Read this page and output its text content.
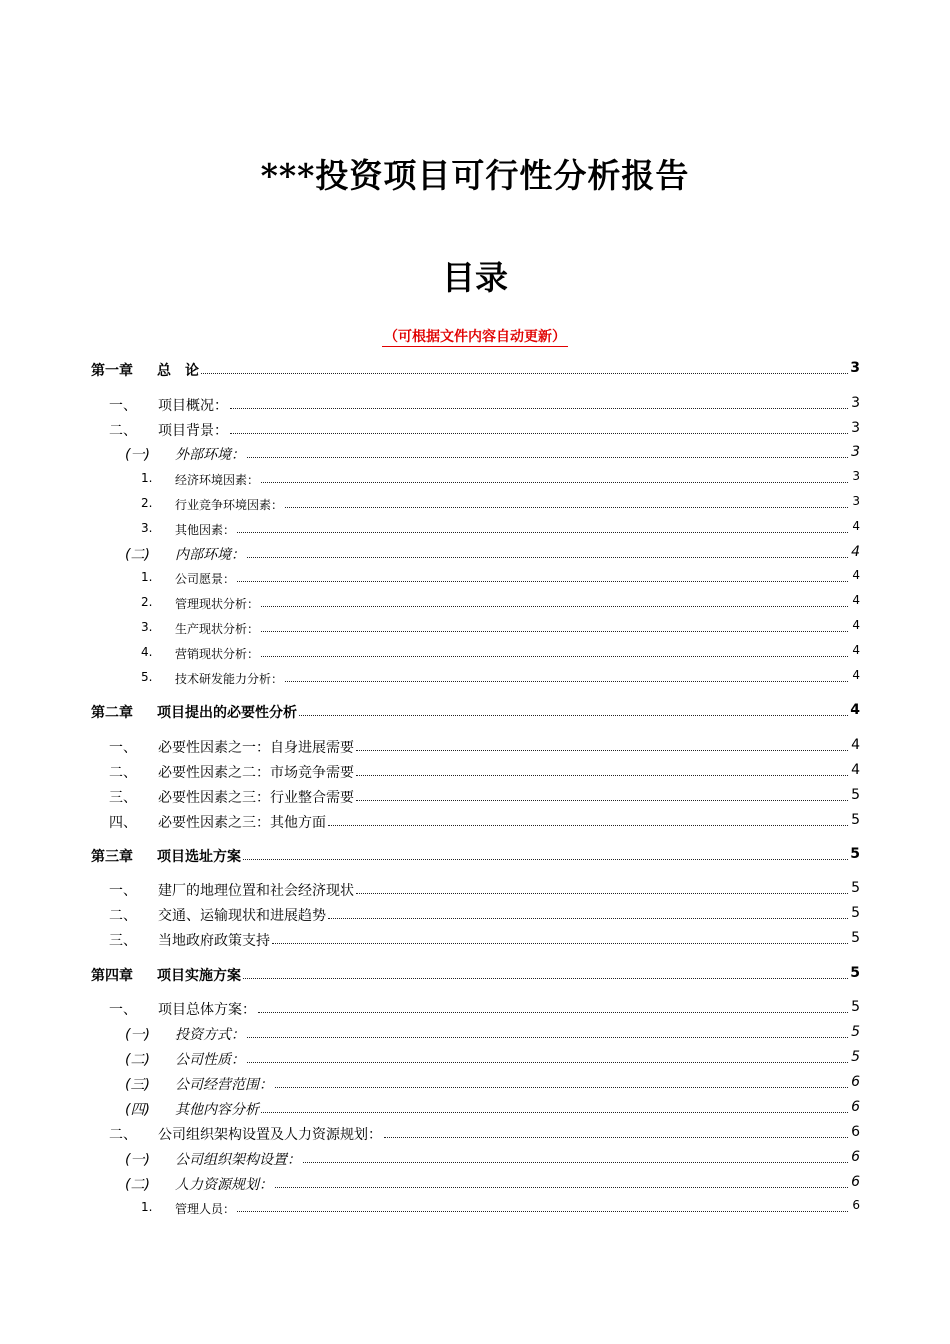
***投资项目可行性分析报告
目录
（可根据文件内容自动更新）
第一章 总　论	3
一、 项目概况：	3
二、 项目背景：	3
(一) 外部环境：	3
1. 经济环境因素：	3
2. 行业竞争环境因素：	3
3. 其他因素：	4
(二) 内部环境：	4
1. 公司愿景：	4
2. 管理现状分析：	4
3. 生产现状分析：	4
4. 营销现状分析：	4
5. 技术研发能力分析：	4
第二章 项目提出的必要性分析	4
一、 必要性因素之一：自身进展需要	4
二、 必要性因素之二：市场竞争需要	4
三、 必要性因素之三：行业整合需要	5
四、 必要性因素之三：其他方面	5
第三章 项目选址方案	5
一、 建厂的地理位置和社会经济现状	5
二、 交通、运输现状和进展趋势	5
三、 当地政府政策支持	5
第四章 项目实施方案	5
一、 项目总体方案：	5
(一) 投资方式：	5
(二) 公司性质：	5
(三) 公司经营范围：	6
(四) 其他内容分析	6
二、 公司组织架构设置及人力资源规划：	6
(一) 公司组织架构设置：	6
(二) 人力资源规划：	6
1. 管理人员：	6
